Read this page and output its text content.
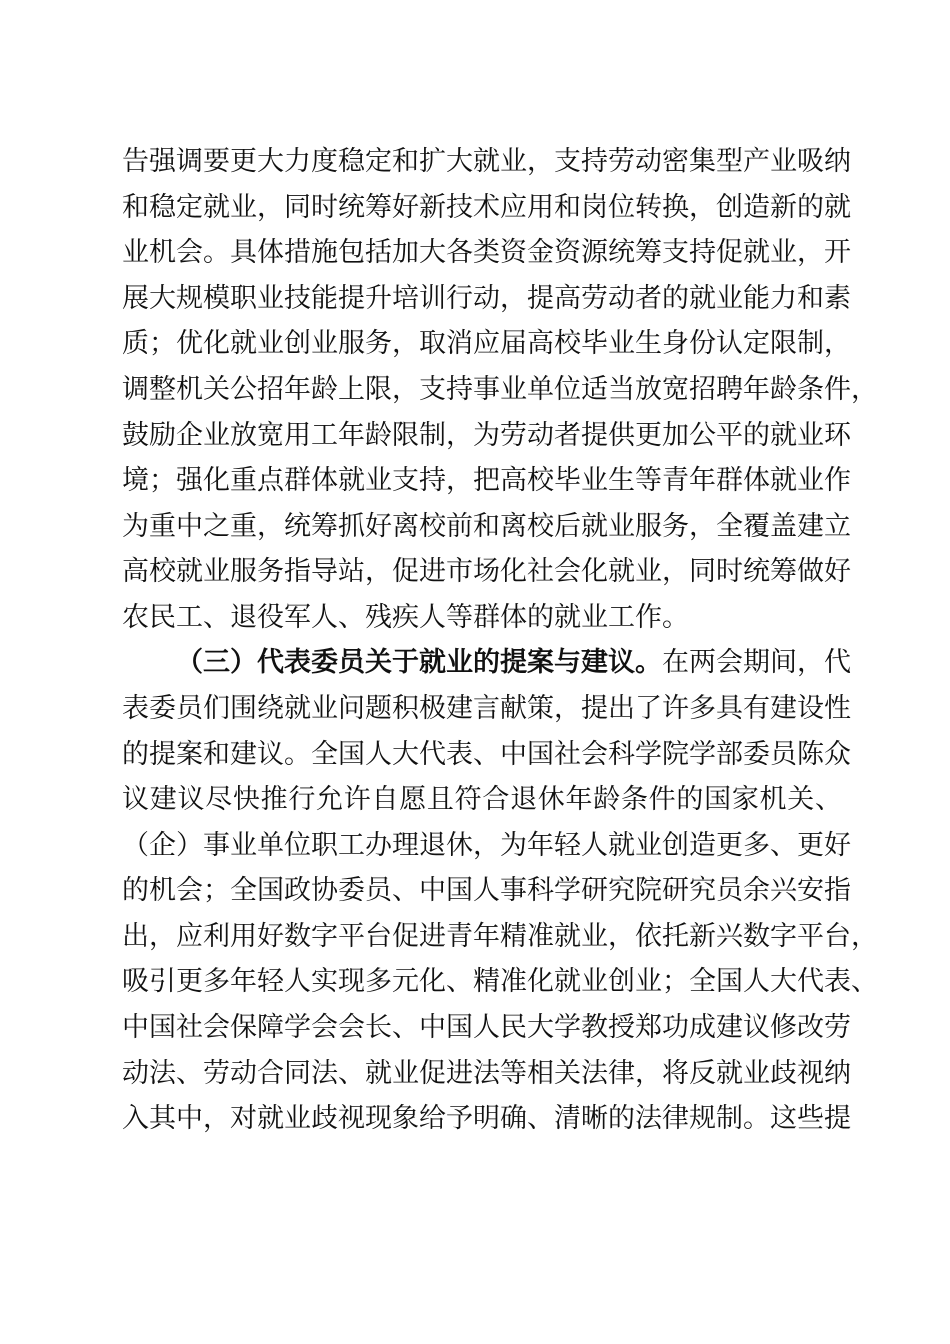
告强调要更大力度稳定和扩大就业，支持劳动密集型产业吸纳
和稳定就业，同时统筹好新技术应用和岗位转换，创造新的就
业机会。具体措施包括加大各类资金资源统筹支持促就业，开
展大规模职业技能提升培训行动，提高劳动者的就业能力和素
质；优化就业创业服务，取消应届高校毕业生身份认定限制，
调整机关公招年龄上限，支持事业单位适当放宽招聘年龄条件，
鼓励企业放宽用工年龄限制，为劳动者提供更加公平的就业环
境；强化重点群体就业支持，把高校毕业生等青年群体就业作
为重中之重，统筹抓好离校前和离校后就业服务，全覆盖建立
高校就业服务指导站，促进市场化社会化就业，同时统筹做好
农民工、退役军人、残疾人等群体的就业工作。
（三）代表委员关于就业的提案与建议。在两会期间，代
表委员们围绕就业问题积极建言献策，提出了许多具有建设性
的提案和建议。全国人大代表、中国社会科学院学部委员陈众
议建议尽快推行允许自愿且符合退休年龄条件的国家机关、
（企）事业单位职工办理退休，为年轻人就业创造更多、更好
的机会；全国政协委员、中国人事科学研究院研究员余兴安指
出，应利用好数字平台促进青年精准就业，依托新兴数字平台，
吸引更多年轻人实现多元化、精准化就业创业；全国人大代表、
中国社会保障学会会长、中国人民大学教授郑功成建议修改劳
动法、劳动合同法、就业促进法等相关法律，将反就业歧视纳
入其中，对就业歧视现象给予明确、清晰的法律规制。这些提
